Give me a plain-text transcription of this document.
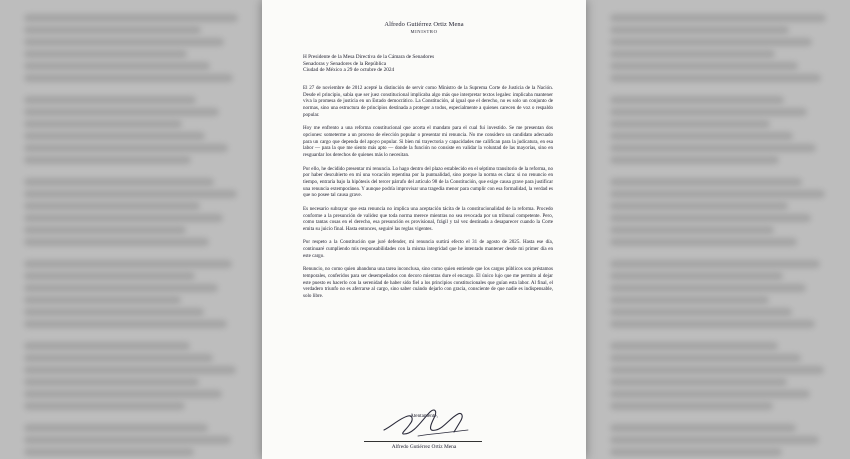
Alfredo Gutiérrez Ortiz Mena
MINISTRO
H Presidente de la Mesa Directiva de la Cámara de Senadores
Senadoras y Senadores de la República
Ciudad de México a 29 de octubre de 2024

El 27 de noviembre de 2012 acepté la distinción de servir como Ministro de la Suprema Corte de Justicia de la Nación. Desde el principio, sabía que ser juez constitucional implicaba algo más que interpretar textos legales: implicaba mantener viva la promesa de justicia en un Estado democrático. La Constitución, al igual que el derecho, no es solo un conjunto de normas, sino una estructura de principios destinada a proteger a todos, especialmente a quienes carecen de voz o respaldo popular.

Hoy me enfrento a una reforma constitucional que acorta el mandato para el cual fui investido. Se me presentan dos opciones: someterme a un proceso de elección popular o presentar mi renuncia. No me considero un candidato adecuado para un cargo que dependa del apoyo popular. Si bien mi trayectoria y capacidades me califican para la judicatura, en esa labor — para la que me siento más apto — donde la función no consiste en validar la voluntad de las mayorías, sino en resguardar los derechos de quienes más lo necesitan.

Por ello, he decidido presentar mi renuncia. Lo hago dentro del plazo establecido en el séptimo transitorio de la reforma, no por haber descubierto en mí una vocación repentina por la puntualidad, sino porque la norma es clara: si no renuncio en tiempo, entraría bajo la hipótesis del tercer párrafo del artículo 98 de la Constitución, que exige causa grave para justificar una renuncia extemporánea. Y aunque podría improvisar una tragedia menor para cumplir con esa formalidad, la verdad es que no posee tal causa grave.

Es necesario subrayar que esta renuncia no implica una aceptación tácita de la constitucionalidad de la reforma. Procedo conforme a la presunción de validez que toda norma merece mientras no sea revocada por un tribunal competente. Pero, como tantas cosas en el derecho, esa presunción es provisional, frágil y tal vez destinada a desaparecer cuando la Corte emita su juicio final. Hasta entonces, seguiré las reglas vigentes.

Por respeto a la Constitución que juré defender, mi renuncia surtirá efecto el 31 de agosto de 2025. Hasta ese día, continuaré cumpliendo mis responsabilidades con la misma integridad que he intentado mantener desde mi primer día en este cargo.

Renuncio, no como quien abandona una tarea inconclusa, sino como quien entiende que los cargos públicos son préstamos temporales, conferidos para ser desempeñados con decoro mientras dure el encargo. El único lujo que me permito al dejar este puesto es hacerlo con la serenidad de haber sido fiel a los principios constitucionales que guían esta labor. Al final, el verdadero triunfo no es aferrarse al cargo, sino saber cuándo dejarlo con gracia, consciente de que nadie es indispensable, solo libre.

Atentamente,
Alfredo Gutiérrez Ortiz Mena
